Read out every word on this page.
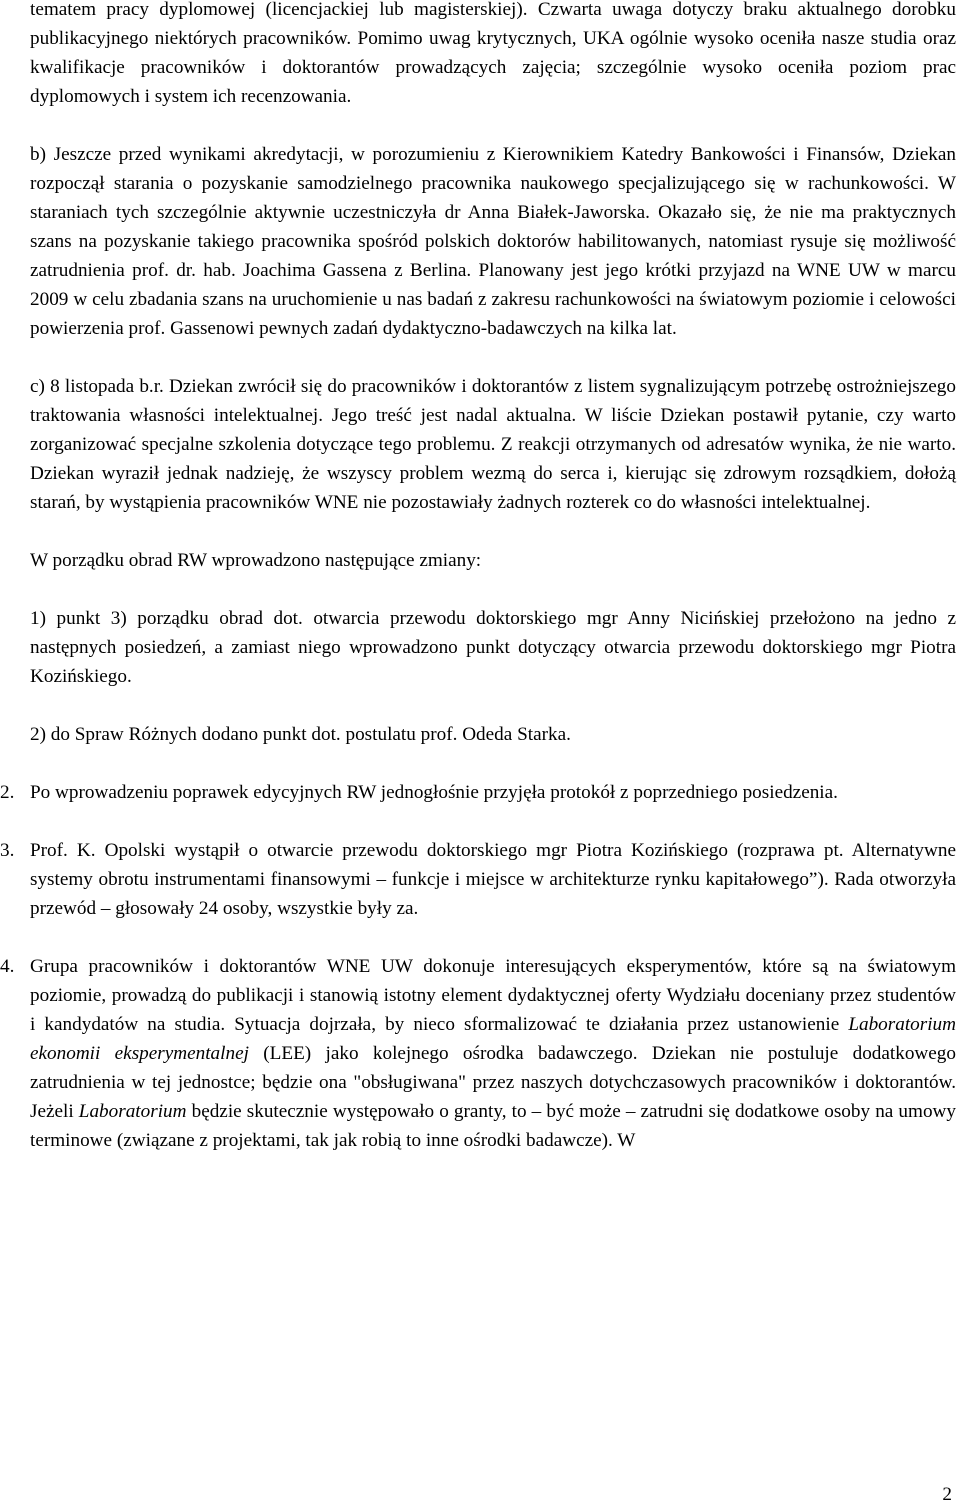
tematem pracy dyplomowej (licencjackiej lub magisterskiej). Czwarta uwaga dotyczy braku aktualnego dorobku publikacyjnego niektórych pracowników. Pomimo uwag krytycznych, UKA ogólnie wysoko oceniła nasze studia oraz kwalifikacje pracowników i doktorantów prowadzących zajęcia; szczególnie wysoko oceniła poziom prac dyplomowych i system ich recenzowania.

b) Jeszcze przed wynikami akredytacji, w porozumieniu z Kierownikiem Katedry Bankowości i Finansów, Dziekan rozpoczął starania o pozyskanie samodzielnego pracownika naukowego specjalizującego się w rachunkowości. W staraniach tych szczególnie aktywnie uczestniczyła dr Anna Białek-Jaworska. Okazało się, że nie ma praktycznych szans na pozyskanie takiego pracownika spośród polskich doktorów habilitowanych, natomiast rysuje się możliwość zatrudnienia prof. dr. hab. Joachima Gassena z Berlina. Planowany jest jego krótki przyjazd na WNE UW w marcu 2009 w celu zbadania szans na uruchomienie u nas badań z zakresu rachunkowości na światowym poziomie i celowości powierzenia prof. Gassenowi pewnych zadań dydaktyczno-badawczych na kilka lat.

c) 8 listopada b.r. Dziekan zwrócił się do pracowników i doktorantów z listem sygnalizującym potrzebę ostrożniejszego traktowania własności intelektualnej. Jego treść jest nadal aktualna. W liście Dziekan postawił pytanie, czy warto zorganizować specjalne szkolenia dotyczące tego problemu. Z reakcji otrzymanych od adresatów wynika, że nie warto. Dziekan wyraził jednak nadzieję, że wszyscy problem wezmą do serca i, kierując się zdrowym rozsądkiem, dołożą starań, by wystąpienia pracowników WNE nie pozostawiały żadnych rozterek co do własności intelektualnej.

W porządku obrad RW wprowadzono następujące zmiany:

1) punkt 3) porządku obrad dot. otwarcia przewodu doktorskiego mgr Anny Nicińskiej przełożono na jedno z następnych posiedzeń, a zamiast niego wprowadzono punkt dotyczący otwarcia przewodu doktorskiego mgr Piotra Kozińskiego.

2) do Spraw Różnych dodano punkt dot. postulatu prof. Odeda Starka.

2. Po wprowadzeniu poprawek edycyjnych RW jednogłośnie przyjęła protokół z poprzedniego posiedzenia.
3. Prof. K. Opolski wystąpił o otwarcie przewodu doktorskiego mgr Piotra Kozińskiego (rozprawa pt. Alternatywne systemy obrotu instrumentami finansowymi – funkcje i miejsce w architekturze rynku kapitałowego”). Rada otworzyła przewód – głosowały 24 osoby, wszystkie były za.
4. Grupa pracowników i doktorantów WNE UW dokonuje interesujących eksperymentów, które są na światowym poziomie, prowadzą do publikacji i stanowią istotny element dydaktycznej oferty Wydziału doceniany przez studentów i kandydatów na studia. Sytuacja dojrzała, by nieco sformalizować te działania przez ustanowienie Laboratorium ekonomii eksperymentalnej (LEE) jako kolejnego ośrodka badawczego. Dziekan nie postuluje dodatkowego zatrudnienia w tej jednostce; będzie ona "obsługiwana" przez naszych dotychczasowych pracowników i doktorantów. Jeżeli Laboratorium będzie skutecznie występowało o granty, to – być może – zatrudni się dodatkowe osoby na umowy terminowe (związane z projektami, tak jak robią to inne ośrodki badawcze). W
2
